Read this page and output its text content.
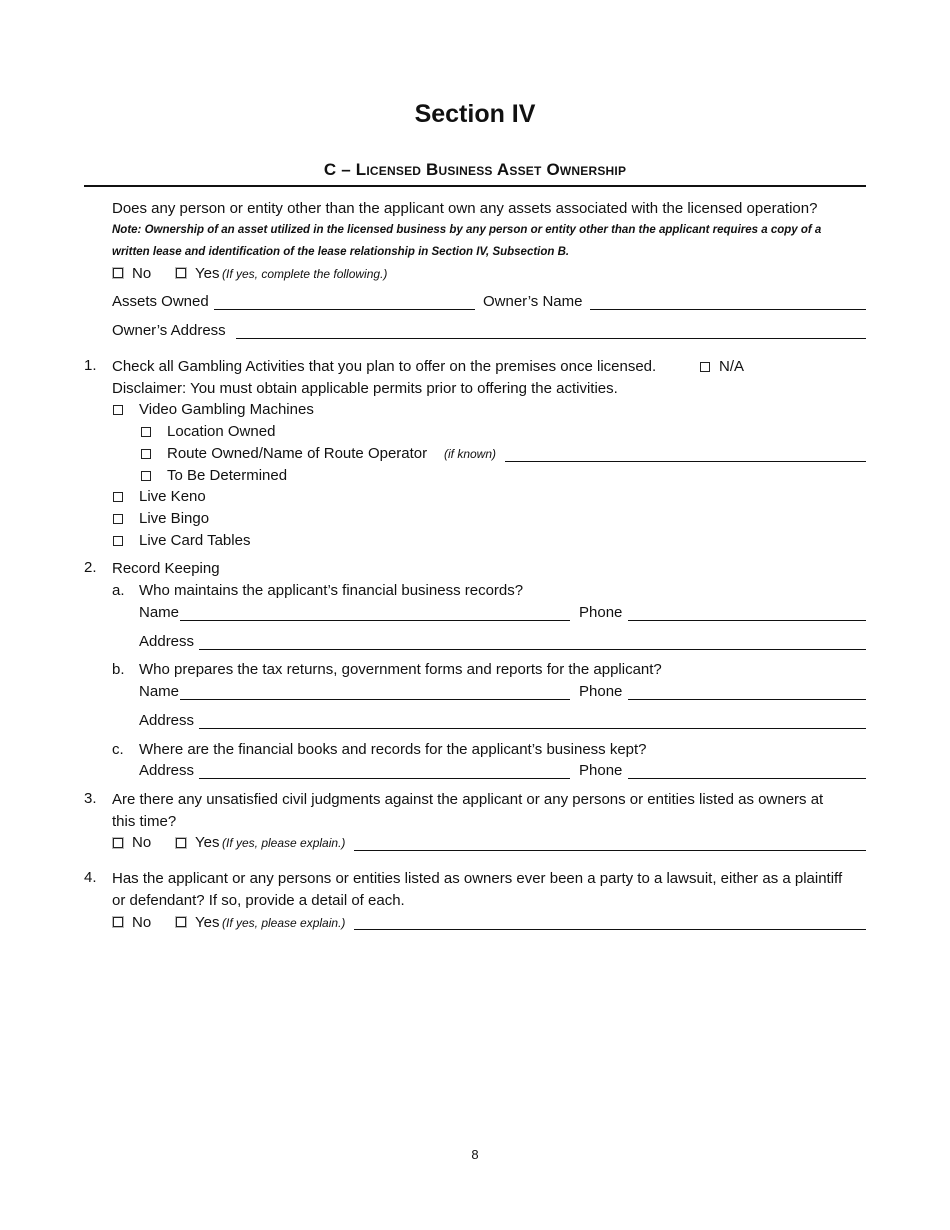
Section IV
C – Licensed Business Asset Ownership
Does any person or entity other than the applicant own any assets associated with the licensed operation?
Note: Ownership of an asset utilized in the licensed business by any person or entity other than the applicant requires a copy of a
written lease and identification of the lease relationship in Section IV, Subsection B.
No	Yes (If yes, complete the following.)
Assets Owned	Owner’s Name
Owner’s Address
1. Check all Gambling Activities that you plan to offer on the premises once licensed.	N/A
Disclaimer: You must obtain applicable permits prior to offering the activities.
Video Gambling Machines
Location Owned
Route Owned/Name of Route Operator (if known)
To Be Determined
Live Keno
Live Bingo
Live Card Tables
2. Record Keeping
a. Who maintains the applicant’s financial business records?
Name	Phone
Address
b. Who prepares the tax returns, government forms and reports for the applicant?
Name	Phone
Address
c. Where are the financial books and records for the applicant’s business kept?
Address	Phone
3. Are there any unsatisfied civil judgments against the applicant or any persons or entities listed as owners at
this time?
No	Yes (If yes, please explain.)
4. Has the applicant or any persons or entities listed as owners ever been a party to a lawsuit, either as a plaintiff
or defendant? If so, provide a detail of each.
No	Yes (If yes, please explain.)
8
